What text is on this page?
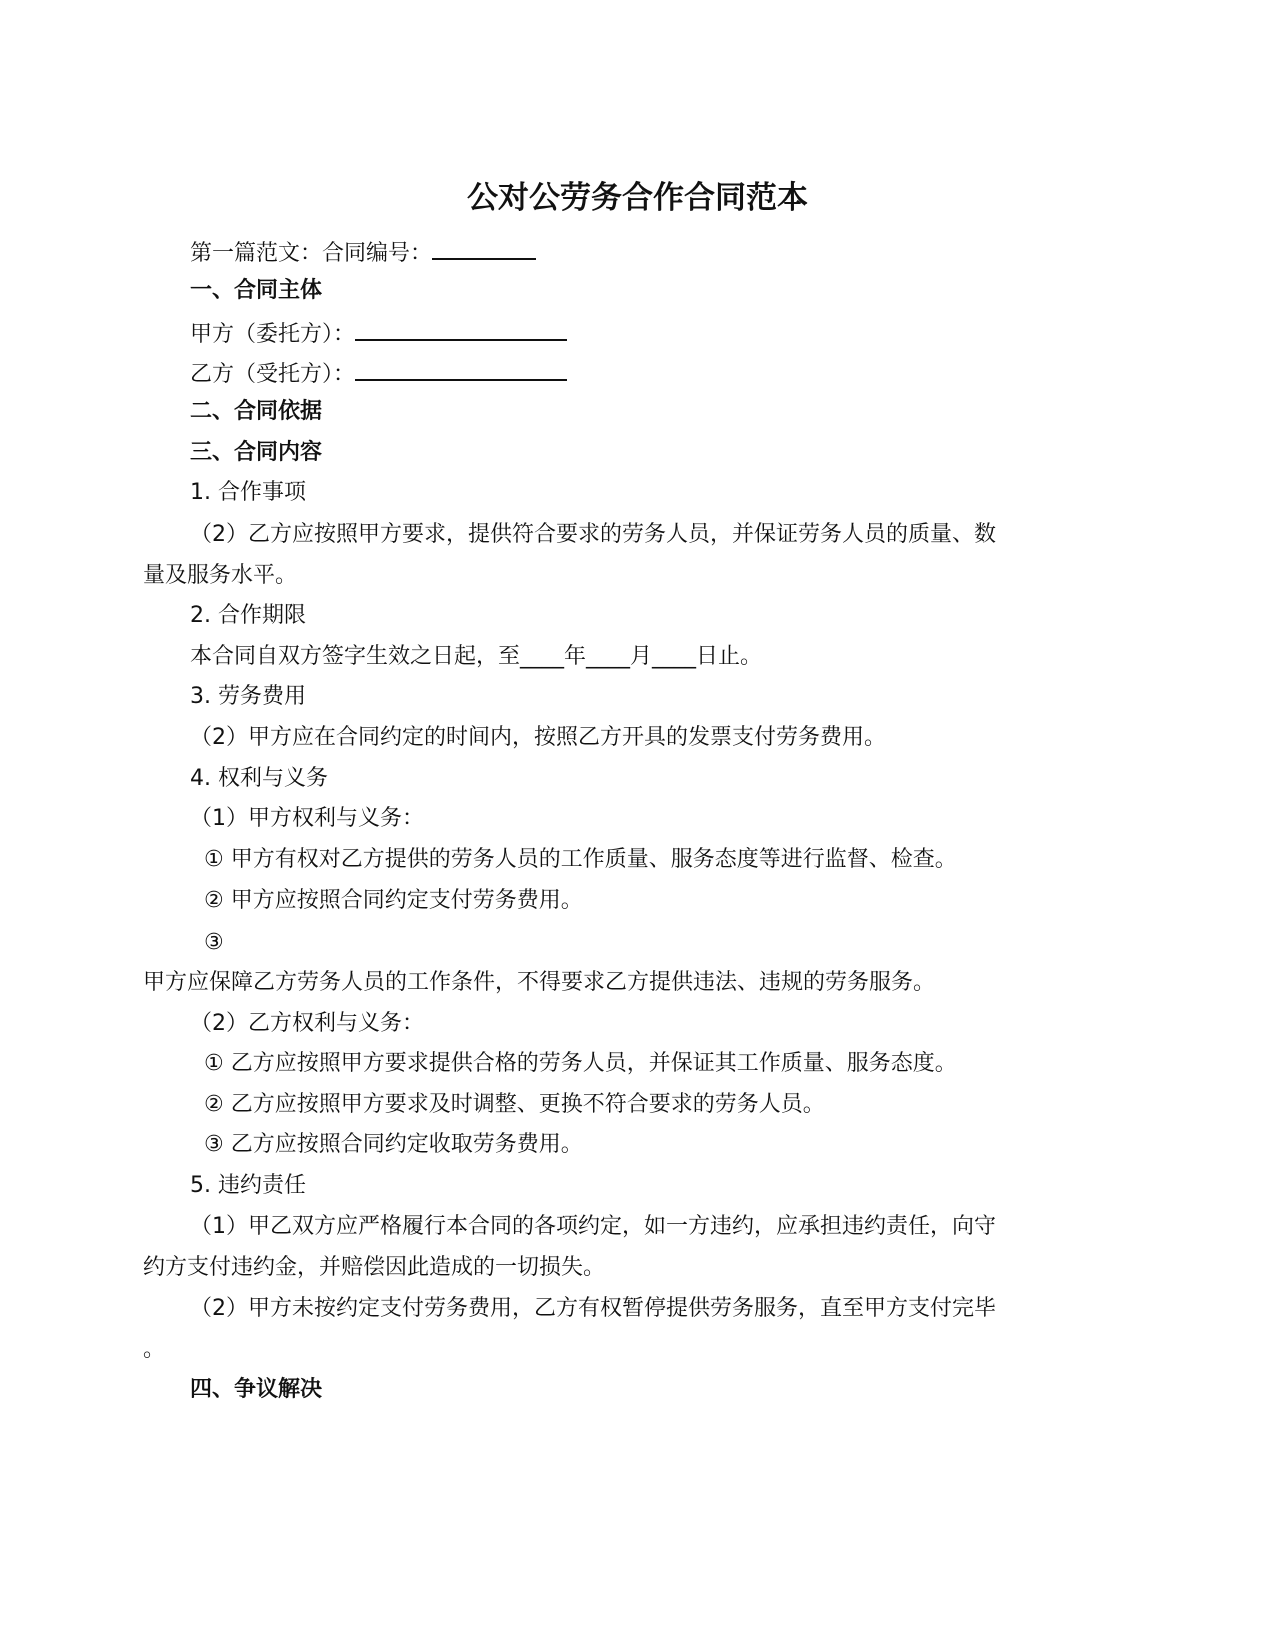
公对公劳务合作合同范本
第一篇范文：合同编号：
一、合同主体
甲方（委托方）：
乙方（受托方）：
二、合同依据
三、合同内容
1. 合作事项
（2）乙方应按照甲方要求，提供符合要求的劳务人员，并保证劳务人员的质量、数
量及服务水平。
2. 合作期限
本合同自双方签字生效之日起，至____年____月____日止。
3. 劳务费用
（2）甲方应在合同约定的时间内，按照乙方开具的发票支付劳务费用。
4. 权利与义务
（1）甲方权利与义务：
① 甲方有权对乙方提供的劳务人员的工作质量、服务态度等进行监督、检查。
② 甲方应按照合同约定支付劳务费用。
③
甲方应保障乙方劳务人员的工作条件，不得要求乙方提供违法、违规的劳务服务。
（2）乙方权利与义务：
① 乙方应按照甲方要求提供合格的劳务人员，并保证其工作质量、服务态度。
② 乙方应按照甲方要求及时调整、更换不符合要求的劳务人员。
③ 乙方应按照合同约定收取劳务费用。
5. 违约责任
（1）甲乙双方应严格履行本合同的各项约定，如一方违约，应承担违约责任，向守
约方支付违约金，并赔偿因此造成的一切损失。
（2）甲方未按约定支付劳务费用，乙方有权暂停提供劳务服务，直至甲方支付完毕
。
四、争议解决
